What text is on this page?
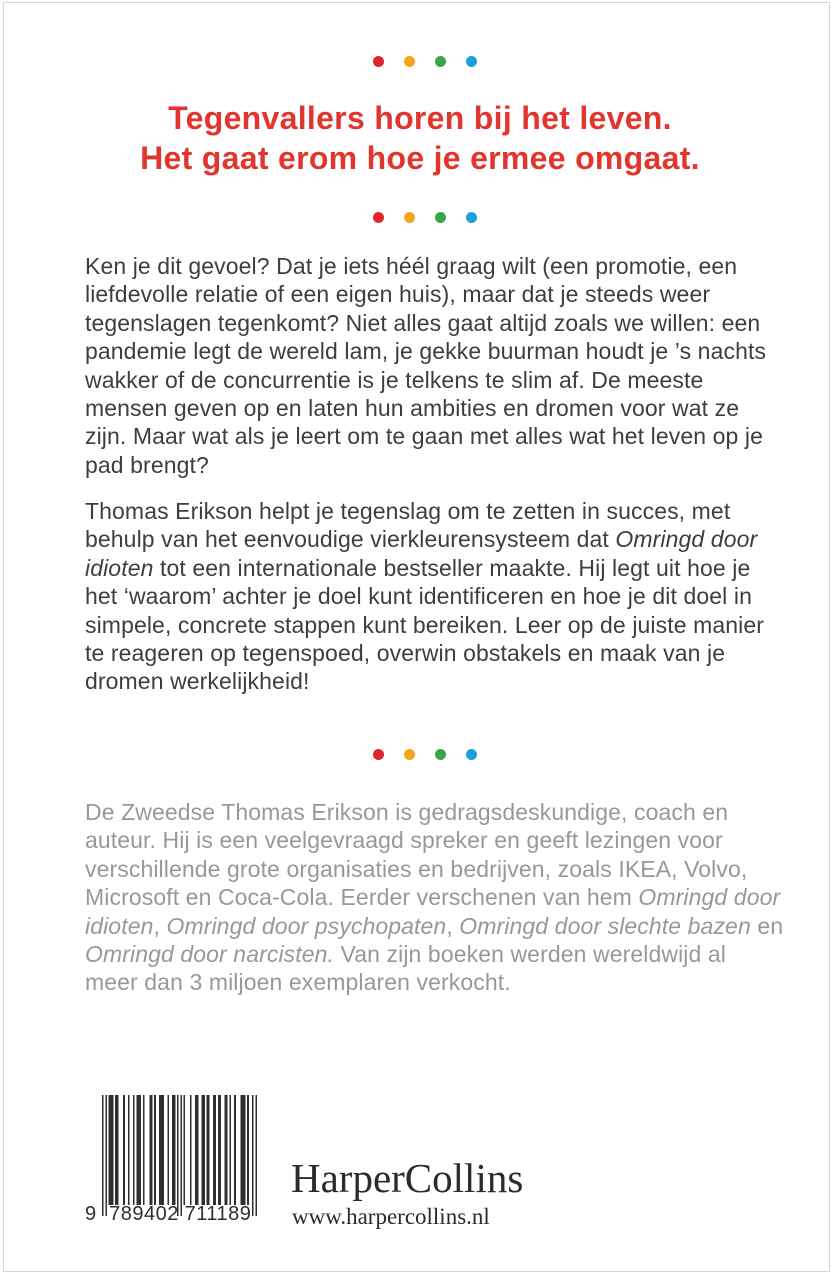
Tegenvallers horen bij het leven.
Het gaat erom hoe je ermee omgaat.

Ken je dit gevoel? Dat je iets héél graag wilt (een promotie, een liefdevolle relatie of een eigen huis), maar dat je steeds weer tegenslagen tegenkomt? Niet alles gaat altijd zoals we willen: een pandemie legt de wereld lam, je gekke buurman houdt je ’s nachts wakker of de concurrentie is je telkens te slim af. De meeste mensen geven op en laten hun ambities en dromen voor wat ze zijn. Maar wat als je leert om te gaan met alles wat het leven op je pad brengt?

Thomas Erikson helpt je tegenslag om te zetten in succes, met behulp van het eenvoudige vierkleurensysteem dat Omringd door idioten tot een internationale bestseller maakte. Hij legt uit hoe je het ‘waarom’ achter je doel kunt identificeren en hoe je dit doel in simpele, concrete stappen kunt bereiken. Leer op de juiste manier te reageren op tegenspoed, overwin obstakels en maak van je dromen werkelijkheid!

De Zweedse Thomas Erikson is gedragsdeskundige, coach en auteur. Hij is een veelgevraagd spreker en geeft lezingen voor verschillende grote organisaties en bedrijven, zoals IKEA, Volvo, Microsoft en Coca-Cola. Eerder verschenen van hem Omringd door idioten, Omringd door psychopaten, Omringd door slechte bazen en Omringd door narcisten. Van zijn boeken werden wereldwijd al meer dan 3 miljoen exemplaren verkocht.

9 789402 711189
HarperCollins
www.harpercollins.nl
